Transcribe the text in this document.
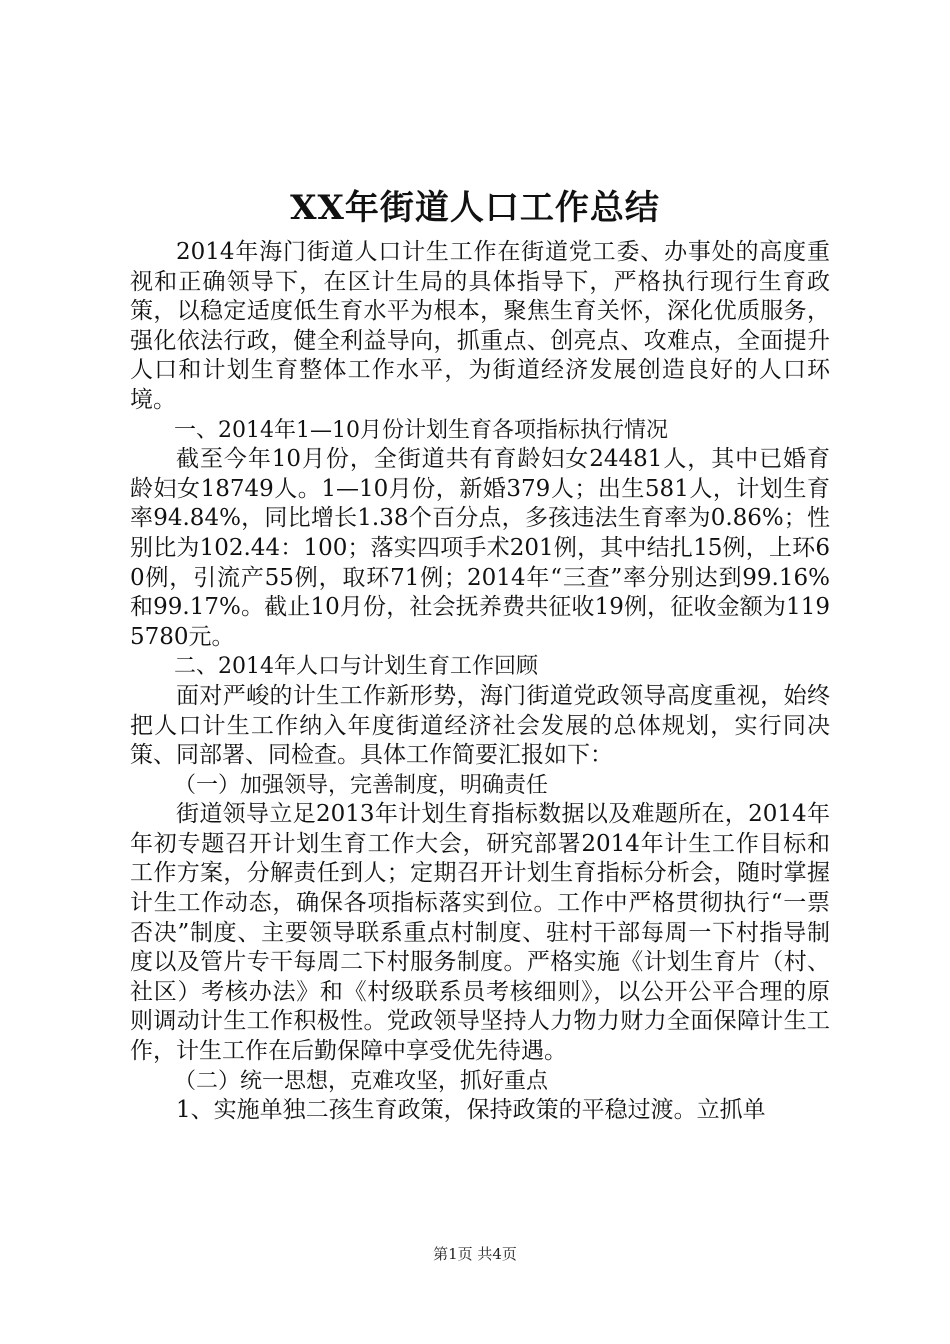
XX年街道人口工作总结

2014年海门街道人口计生工作在街道党工委、办事处的高度重视和正确领导下，在区计生局的具体指导下，严格执行现行生育政策，以稳定适度低生育水平为根本，聚焦生育关怀，深化优质服务，强化依法行政，健全利益导向，抓重点、创亮点、攻难点，全面提升人口和计划生育整体工作水平，为街道经济发展创造良好的人口环境。

一、2014年1—10月份计划生育各项指标执行情况

截至今年10月份，全街道共有育龄妇女24481人，其中已婚育龄妇女18749人。1—10月份，新婚379人；出生581人，计划生育率94.84%，同比增长1.38个百分点，多孩违法生育率为0.86%；性别比为102.44：100；落实四项手术201例，其中结扎15例，上环60例，引流产55例，取环71例；2014年“三查”率分别达到99.16%和99.17%。截止10月份，社会抚养费共征收19例，征收金额为1195780元。

二、2014年人口与计划生育工作回顾

面对严峻的计生工作新形势，海门街道党政领导高度重视，始终把人口计生工作纳入年度街道经济社会发展的总体规划，实行同决策、同部署、同检查。具体工作简要汇报如下：

（一）加强领导，完善制度，明确责任

街道领导立足2013年计划生育指标数据以及难题所在，2014年年初专题召开计划生育工作大会，研究部署2014年计生工作目标和工作方案，分解责任到人；定期召开计划生育指标分析会，随时掌握计生工作动态，确保各项指标落实到位。工作中严格贯彻执行“一票否决”制度、主要领导联系重点村制度、驻村干部每周一下村指导制度以及管片专干每周二下村服务制度。严格实施《计划生育片（村、社区）考核办法》和《村级联系员考核细则》，以公开公平合理的原则调动计生工作积极性。党政领导坚持人力物力财力全面保障计生工作，计生工作在后勤保障中享受优先待遇。

（二）统一思想，克难攻坚，抓好重点

1、实施单独二孩生育政策，保持政策的平稳过渡。立抓单

第1页 共4页
